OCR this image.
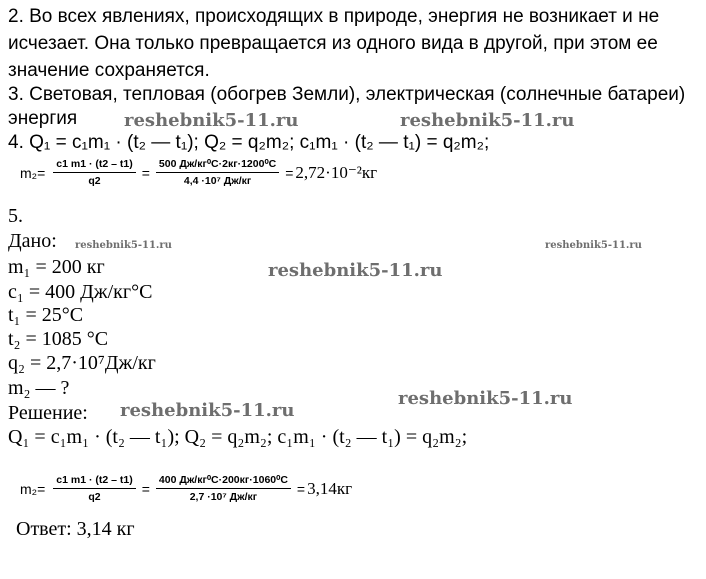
2. Во всех явлениях, происходящих в природе, энергия не возникает и не
исчезает. Она только превращается из одного вида в другой, при этом ее
значение сохраняется.
3. Световая, тепловая (обогрев Земли), электрическая (солнечные батареи)
энергия
4. Q₁ = c₁m₁ · (t₂ — t₁); Q₂ = q₂m₂; c₁m₁ · (t₂ — t₁) = q₂m₂;
$m_2= \frac{c1 m1 \cdot (t2 - t1)}{q2} = \frac{\text{500 Дж/кг⁰С·2кг·1200⁰С}}{\text{4,4 ·10⁷ Дж/кг}} = 2,72\cdot 10^{-2}кг$
5.
Дано:
m₁ = 200 кг
c₁ = 400 Дж/кг°C
t₁ = 25°C
t₂ = 1085 °C
q₂ = 2,7·10⁷Дж/кг
m₂ — ?
Решение:
Q₁ = c₁m₁ · (t₂ — t₁); Q₂ = q₂m₂; c₁m₁ · (t₂ — t₁) = q₂m₂;
$m_2= \frac{c1 m1 \cdot (t2 - t1)}{q2} = \frac{\text{400 Дж/кг⁰С·200кг·1060⁰С}}{\text{2,7 ·10⁷ Дж/кг}} = 3,14кг$
Ответ: 3,14 кг
reshebnik5-11.ru	reshebnik5-11.ru
reshebnik5-11.ru	reshebnik5-11.ru
reshebnik5-11.ru
reshebnik5-11.ru
reshebnik5-11.ru
